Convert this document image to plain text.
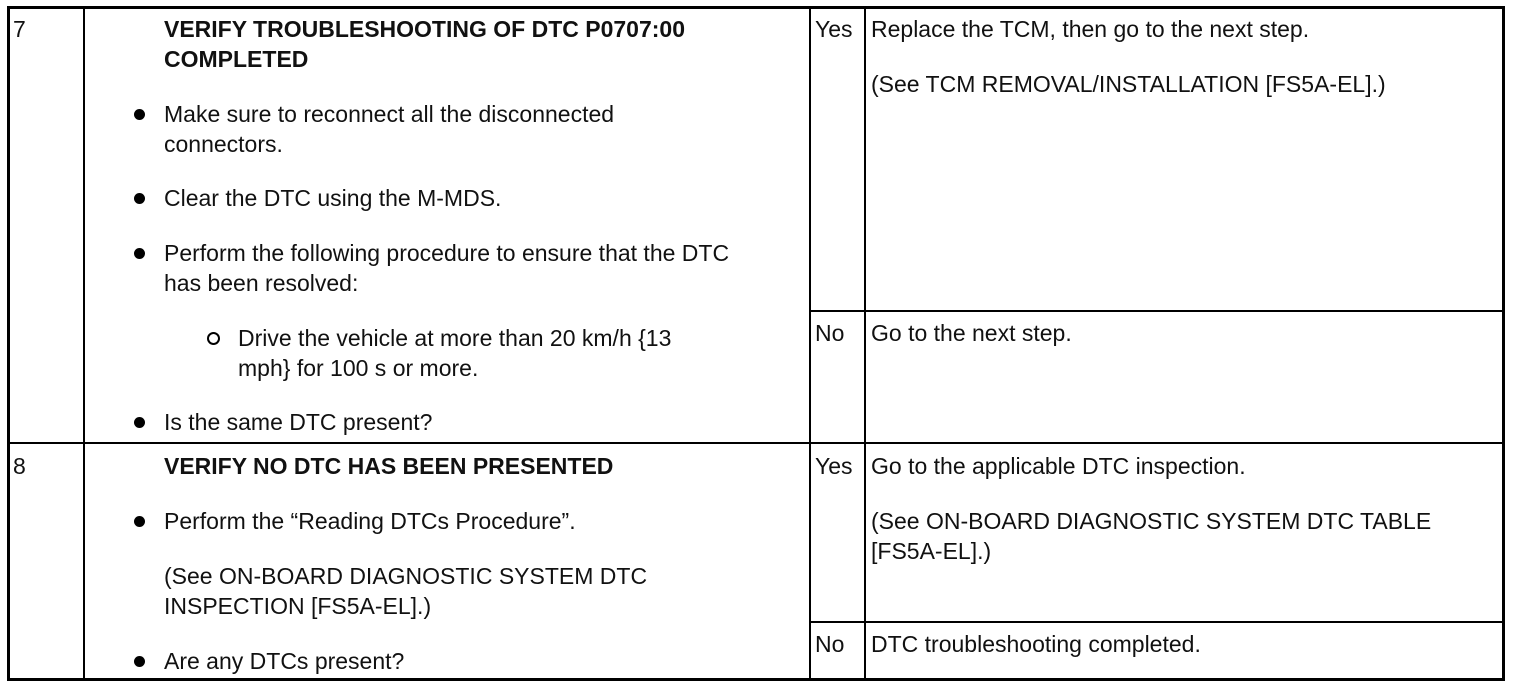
7	VERIFY TROUBLESHOOTING OF DTC P0707:00
COMPLETED
Make sure to reconnect all the disconnected
connectors.
Clear the DTC using the M-MDS.
Perform the following procedure to ensure that the DTC
has been resolved:
Drive the vehicle at more than 20 km/h {13
mph} for 100 s or more.
Is the same DTC present?
Yes Replace the TCM, then go to the next step.
(See TCM REMOVAL/INSTALLATION [FS5A-EL].)
No Go to the next step.
8	VERIFY NO DTC HAS BEEN PRESENTED
Perform the “Reading DTCs Procedure”.
(See ON-BOARD DIAGNOSTIC SYSTEM DTC
INSPECTION [FS5A-EL].)
Are any DTCs present?
Yes Go to the applicable DTC inspection.
(See ON-BOARD DIAGNOSTIC SYSTEM DTC TABLE
[FS5A-EL].)
No DTC troubleshooting completed.
